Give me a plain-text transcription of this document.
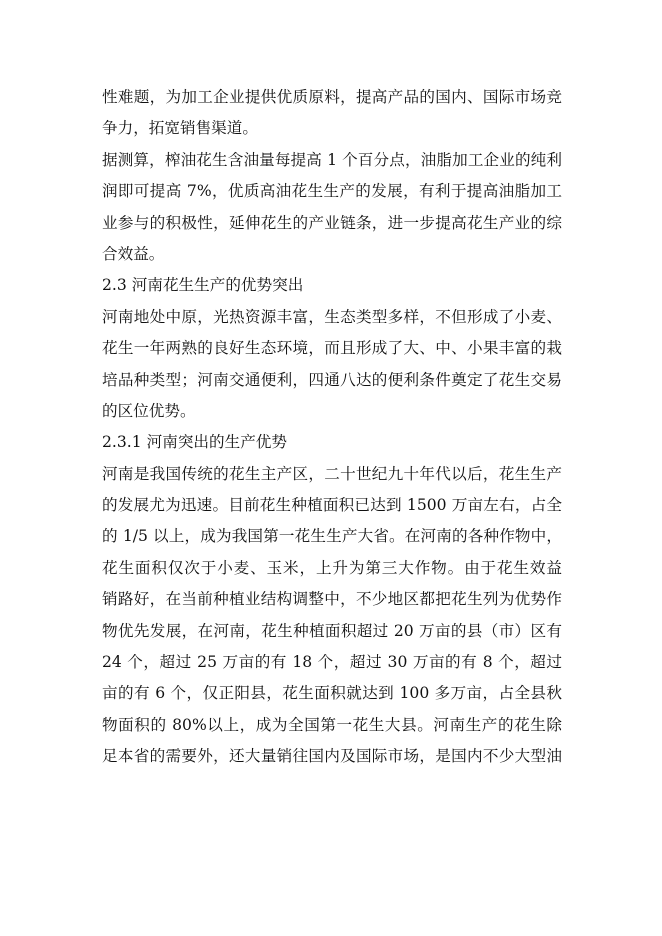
性难题，为加工企业提供优质原料，提高产品的国内、国际市场竞
争力，拓宽销售渠道。
据测算，榨油花生含油量每提高 1 个百分点，油脂加工企业的纯利
润即可提高 7%，优质高油花生生产的发展，有利于提高油脂加工
业参与的积极性，延伸花生的产业链条，进一步提高花生产业的综
合效益。
2.3 河南花生生产的优势突出
河南地处中原，光热资源丰富，生态类型多样，不但形成了小麦、
花生一年两熟的良好生态环境，而且形成了大、中、小果丰富的栽
培品种类型；河南交通便利，四通八达的便利条件奠定了花生交易
的区位优势。
2.3.1 河南突出的生产优势
河南是我国传统的花生主产区，二十世纪九十年代以后，花生生产
的发展尤为迅速。目前花生种植面积已达到 1500 万亩左右，占全
的 1/5 以上，成为我国第一花生生产大省。在河南的各种作物中，
花生面积仅次于小麦、玉米，上升为第三大作物。由于花生效益
销路好，在当前种植业结构调整中，不少地区都把花生列为优势作
物优先发展，在河南，花生种植面积超过 20 万亩的县（市）区有
24 个，超过 25 万亩的有 18 个，超过 30 万亩的有 8 个，超过
亩的有 6 个，仅正阳县，花生面积就达到 100 多万亩，占全县秋
物面积的 80%以上，成为全国第一花生大县。河南生产的花生除
足本省的需要外，还大量销往国内及国际市场，是国内不少大型油
